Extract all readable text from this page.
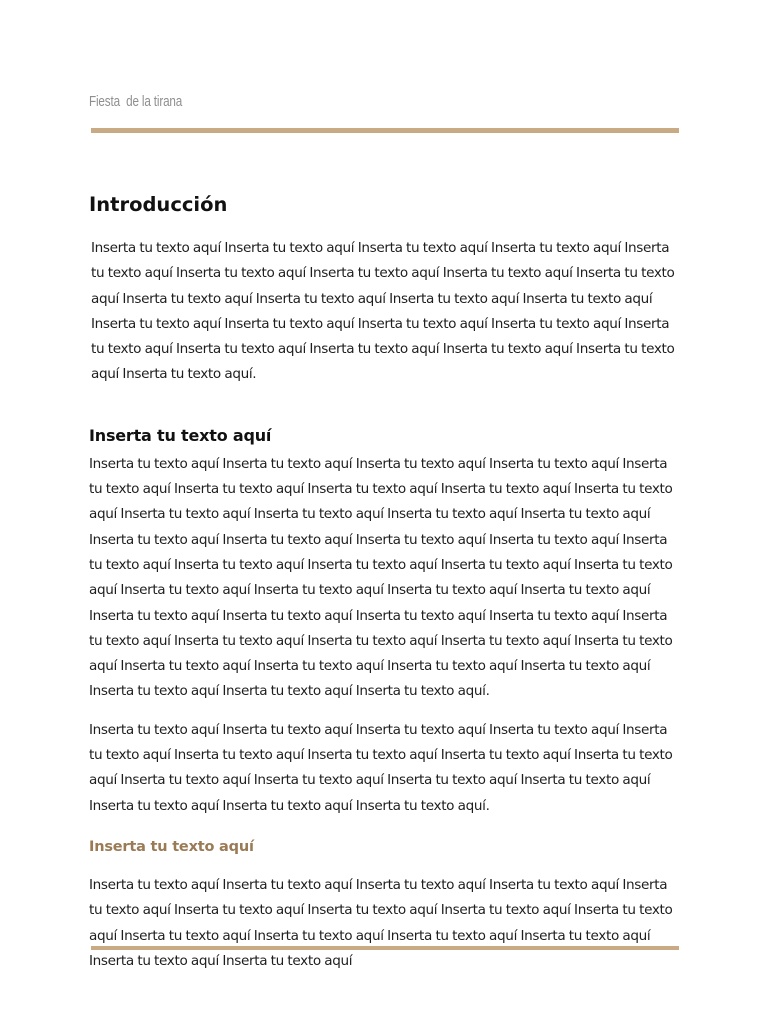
Fiesta  de la tirana
Introducción

Inserta tu texto aquí Inserta tu texto aquí Inserta tu texto aquí Inserta tu texto aquí Inserta tu texto aquí Inserta tu texto aquí Inserta tu texto aquí Inserta tu texto aquí Inserta tu texto aquí Inserta tu texto aquí Inserta tu texto aquí Inserta tu texto aquí Inserta tu texto aquí Inserta tu texto aquí Inserta tu texto aquí Inserta tu texto aquí Inserta tu texto aquí Inserta tu texto aquí Inserta tu texto aquí Inserta tu texto aquí Inserta tu texto aquí Inserta tu texto aquí Inserta tu texto aquí.

Inserta tu texto aquí

Inserta tu texto aquí Inserta tu texto aquí Inserta tu texto aquí Inserta tu texto aquí Inserta tu texto aquí Inserta tu texto aquí Inserta tu texto aquí Inserta tu texto aquí Inserta tu texto aquí Inserta tu texto aquí Inserta tu texto aquí Inserta tu texto aquí Inserta tu texto aquí Inserta tu texto aquí Inserta tu texto aquí Inserta tu texto aquí Inserta tu texto aquí Inserta tu texto aquí Inserta tu texto aquí Inserta tu texto aquí Inserta tu texto aquí Inserta tu texto aquí Inserta tu texto aquí Inserta tu texto aquí Inserta tu texto aquí Inserta tu texto aquí Inserta tu texto aquí Inserta tu texto aquí Inserta tu texto aquí Inserta tu texto aquí Inserta tu texto aquí Inserta tu texto aquí Inserta tu texto aquí Inserta tu texto aquí Inserta tu texto aquí Inserta tu texto aquí Inserta tu texto aquí Inserta tu texto aquí Inserta tu texto aquí Inserta tu texto aquí Inserta tu texto aquí Inserta tu texto aquí.

Inserta tu texto aquí Inserta tu texto aquí Inserta tu texto aquí Inserta tu texto aquí Inserta tu texto aquí Inserta tu texto aquí Inserta tu texto aquí Inserta tu texto aquí Inserta tu texto aquí Inserta tu texto aquí Inserta tu texto aquí Inserta tu texto aquí Inserta tu texto aquí Inserta tu texto aquí Inserta tu texto aquí Inserta tu texto aquí.

Inserta tu texto aquí

Inserta tu texto aquí Inserta tu texto aquí Inserta tu texto aquí Inserta tu texto aquí Inserta tu texto aquí Inserta tu texto aquí Inserta tu texto aquí Inserta tu texto aquí Inserta tu texto aquí Inserta tu texto aquí Inserta tu texto aquí Inserta tu texto aquí Inserta tu texto aquí Inserta tu texto aquí Inserta tu texto aquí
